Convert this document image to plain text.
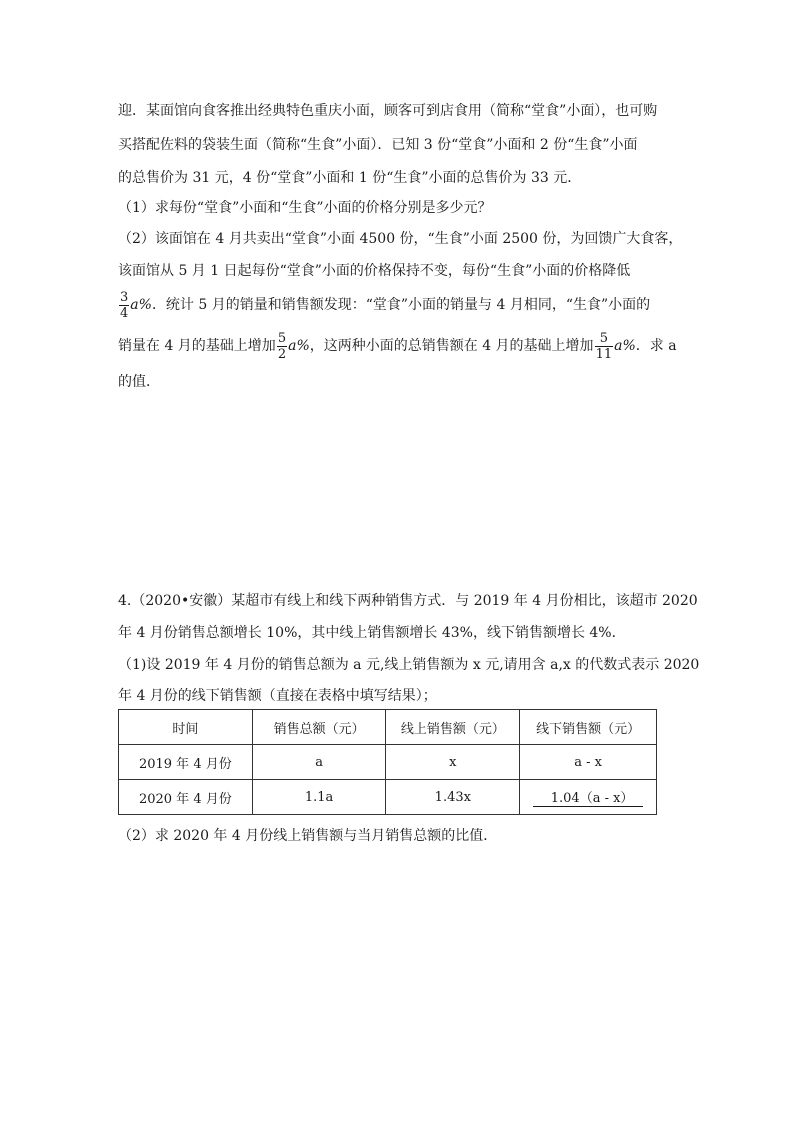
迎．某面馆向食客推出经典特色重庆小面，顾客可到店食用（简称“堂食”小面），也可购
买搭配佐料的袋装生面（简称“生食”小面）．已知 3 份“堂食”小面和 2 份“生食”小面
的总售价为 31 元，4 份“堂食”小面和 1 份“生食”小面的总售价为 33 元．
（1）求每份“堂食”小面和“生食”小面的价格分别是多少元？
（2）该面馆在 4 月共卖出“堂食”小面 4500 份，“生食”小面 2500 份，为回馈广大食客，
该面馆从 5 月 1 日起每份“堂食”小面的价格保持不变，每份“生食”小面的价格降低
$\frac{3}{4} a\%$．统计 5 月的销量和销售额发现：“堂食”小面的销量与 4 月相同，“生食”小面的
销量在 4 月的基础上增加 $\frac{5}{2} a\%$，这两种小面的总销售额在 4 月的基础上增加 $\frac{5}{11} a\%$．求 a
的值．
4.（2020•安徽）某超市有线上和线下两种销售方式．与 2019 年 4 月份相比，该超市 2020
年 4 月份销售总额增长 10%，其中线上销售额增长 43%，线下销售额增长 4%．
（1)设 2019 年 4 月份的销售总额为 a 元,线上销售额为 x 元,请用含 a,x 的代数式表示 2020
年 4 月份的线下销售额（直接在表格中填写结果）；
时间	销售总额（元）	线上销售额（元）	线下销售额（元）
2019 年 4 月份	a	x	a - x
2020 年 4 月份	1.1a	1.43x	1.04（a - x）
（2）求 2020 年 4 月份线上销售额与当月销售总额的比值．
